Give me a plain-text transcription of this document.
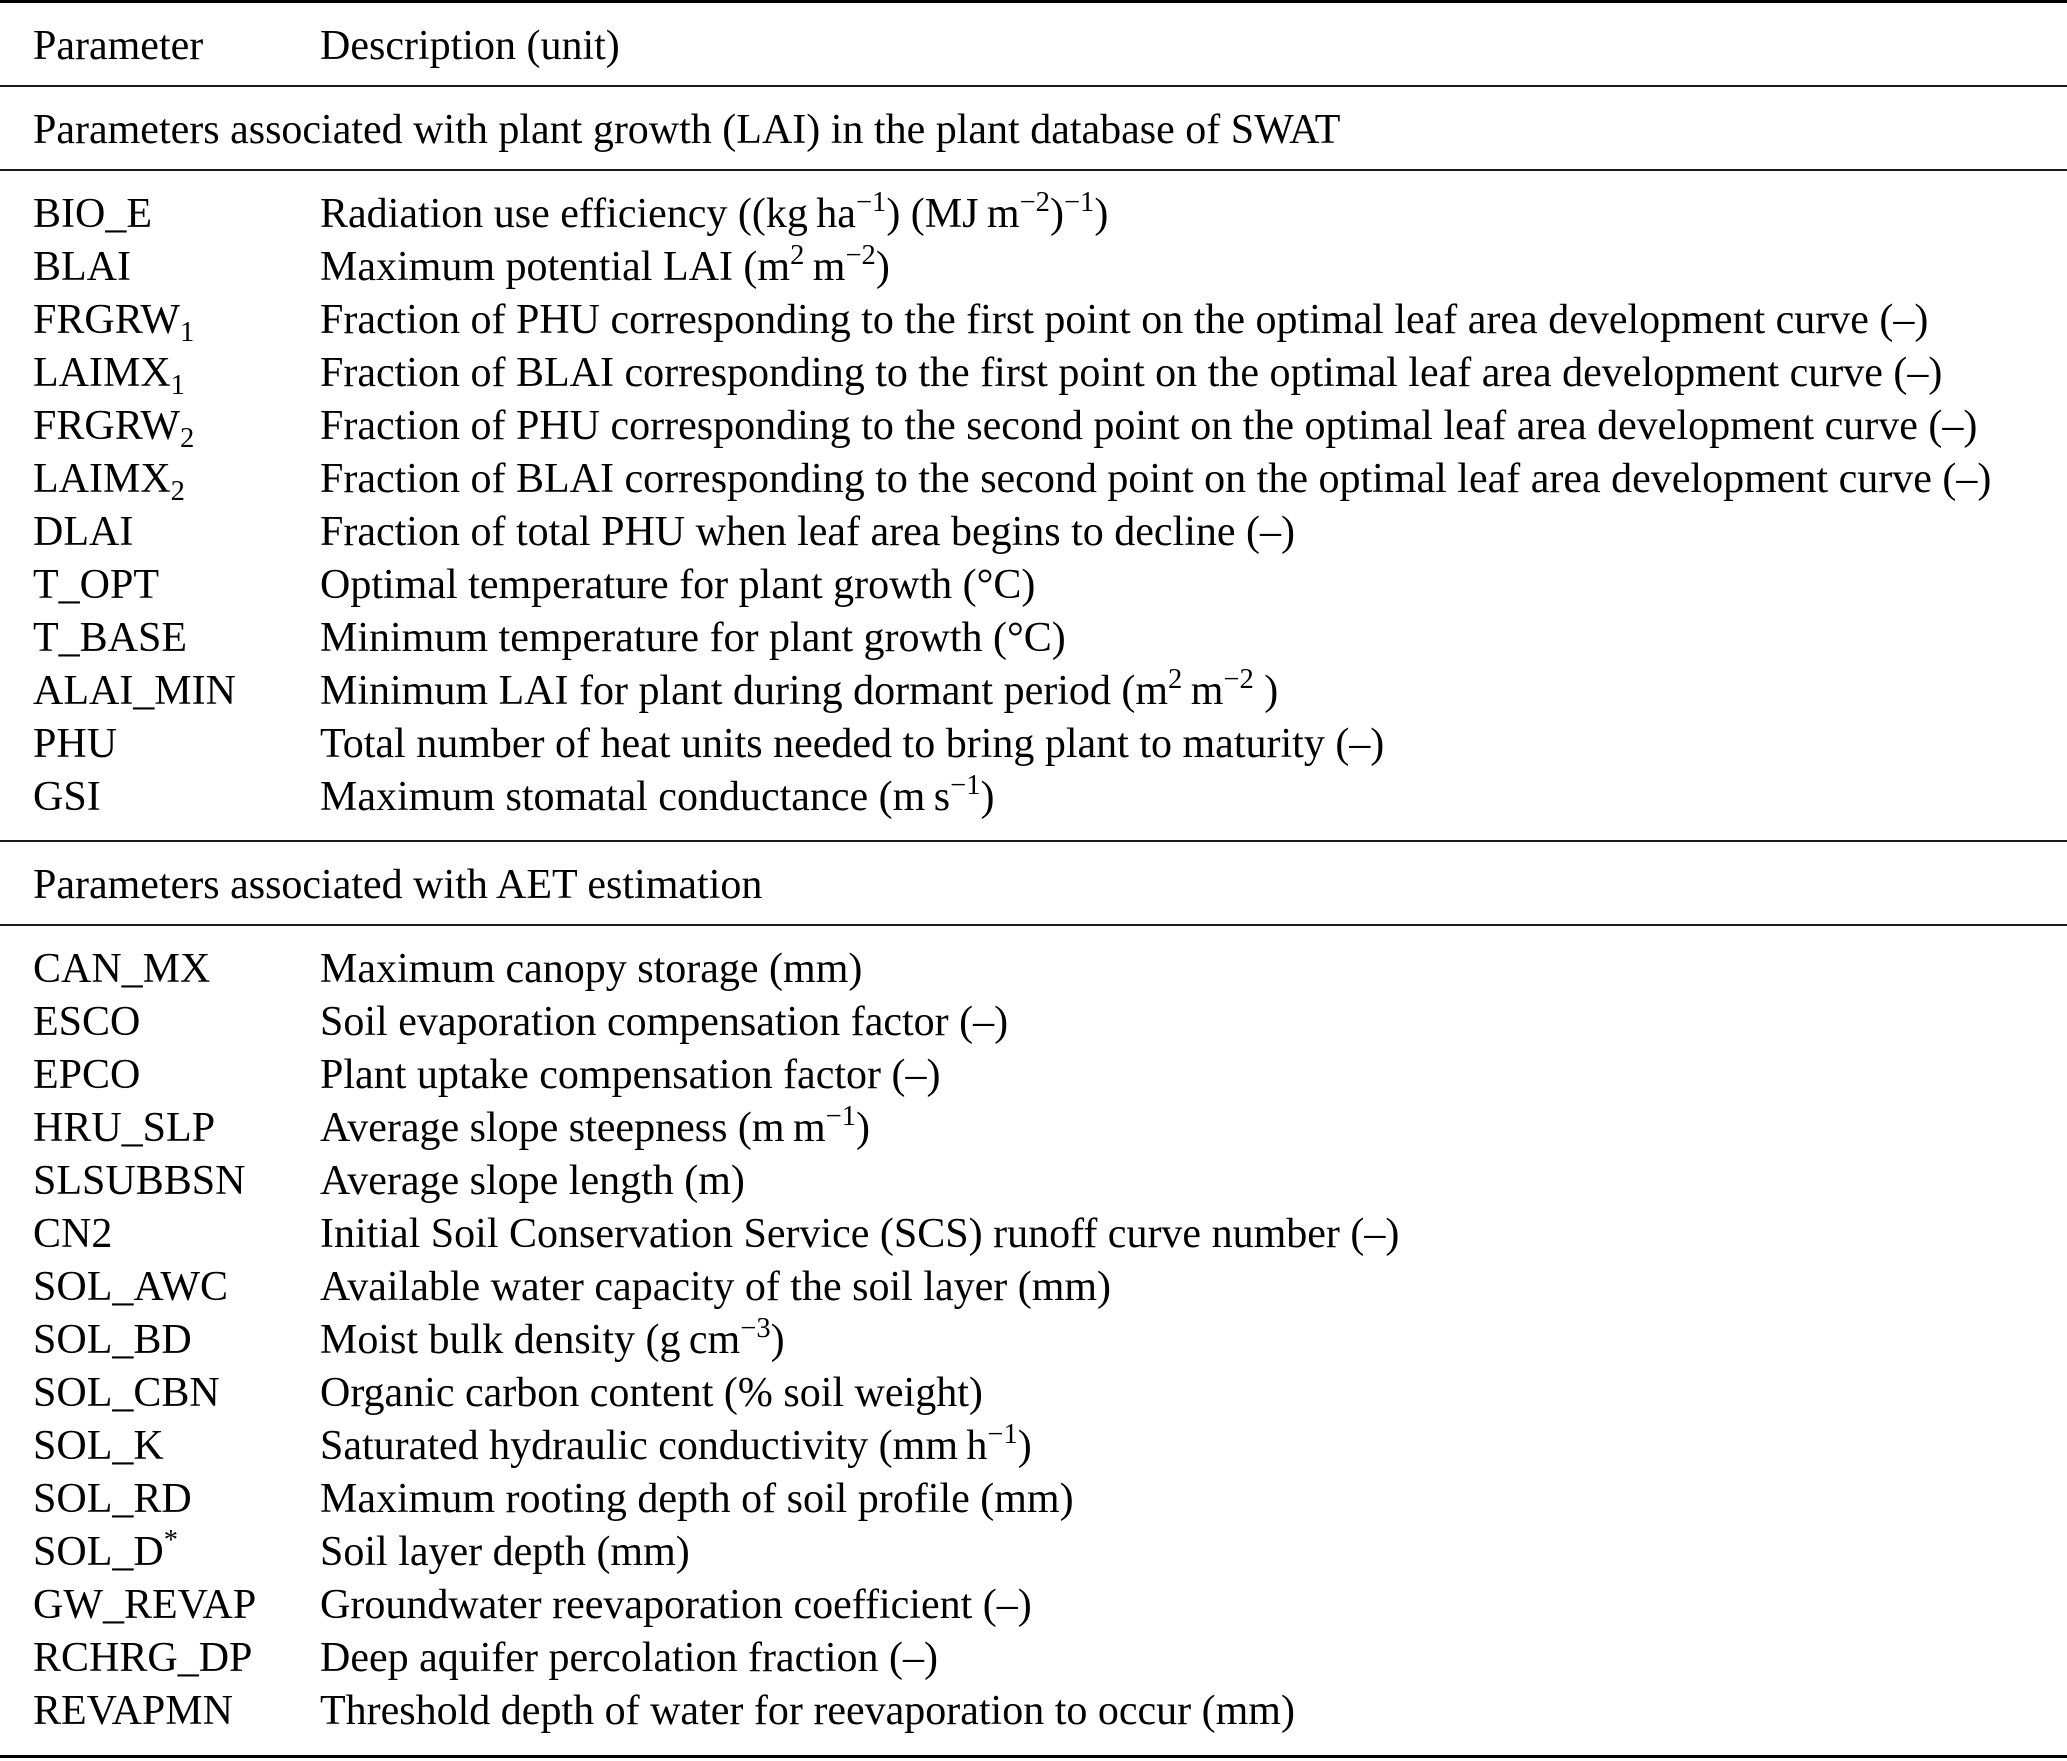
Parameter	Description (unit)
Parameters associated with plant growth (LAI) in the plant database of SWAT
BIO_E	Radiation use efficiency ((kg $ha^{-1}$) (MJ $m^{-2})^{-1}$)
BLAI	Maximum potential LAI ($m^2$ $m^{-2}$)
$FRGRW_1$	Fraction of PHU corresponding to the first point on the optimal leaf area development curve (–)
$LAIMX_1$	Fraction of BLAI corresponding to the first point on the optimal leaf area development curve (–)
$FRGRW_2$	Fraction of PHU corresponding to the second point on the optimal leaf area development curve (–)
$LAIMX_2$	Fraction of BLAI corresponding to the second point on the optimal leaf area development curve (–)
DLAI	Fraction of total PHU when leaf area begins to decline (–)
T_OPT	Optimal temperature for plant growth (°C)
T_BASE	Minimum temperature for plant growth (°C)
ALAI_MIN	Minimum LAI for plant during dormant period ($m^2$ $m^{-2}$ )
PHU	Total number of heat units needed to bring plant to maturity (–)
GSI	Maximum stomatal conductance (m $s^{-1}$)
Parameters associated with AET estimation
CAN_MX	Maximum canopy storage (mm)
ESCO	Soil evaporation compensation factor (–)
EPCO	Plant uptake compensation factor (–)
HRU_SLP	Average slope steepness (m $m^{-1}$)
SLSUBBSN	Average slope length (m)
CN2	Initial Soil Conservation Service (SCS) runoff curve number (–)
SOL_AWC	Available water capacity of the soil layer (mm)
SOL_BD	Moist bulk density (g $cm^{-3}$)
SOL_CBN	Organic carbon content (% soil weight)
SOL_K	Saturated hydraulic conductivity (mm $h^{-1}$)
SOL_RD	Maximum rooting depth of soil profile (mm)
SOL_D*	Soil layer depth (mm)
GW_REVAP	Groundwater reevaporation coefficient (–)
RCHRG_DP	Deep aquifer percolation fraction (–)
REVAPMN	Threshold depth of water for reevaporation to occur (mm)
